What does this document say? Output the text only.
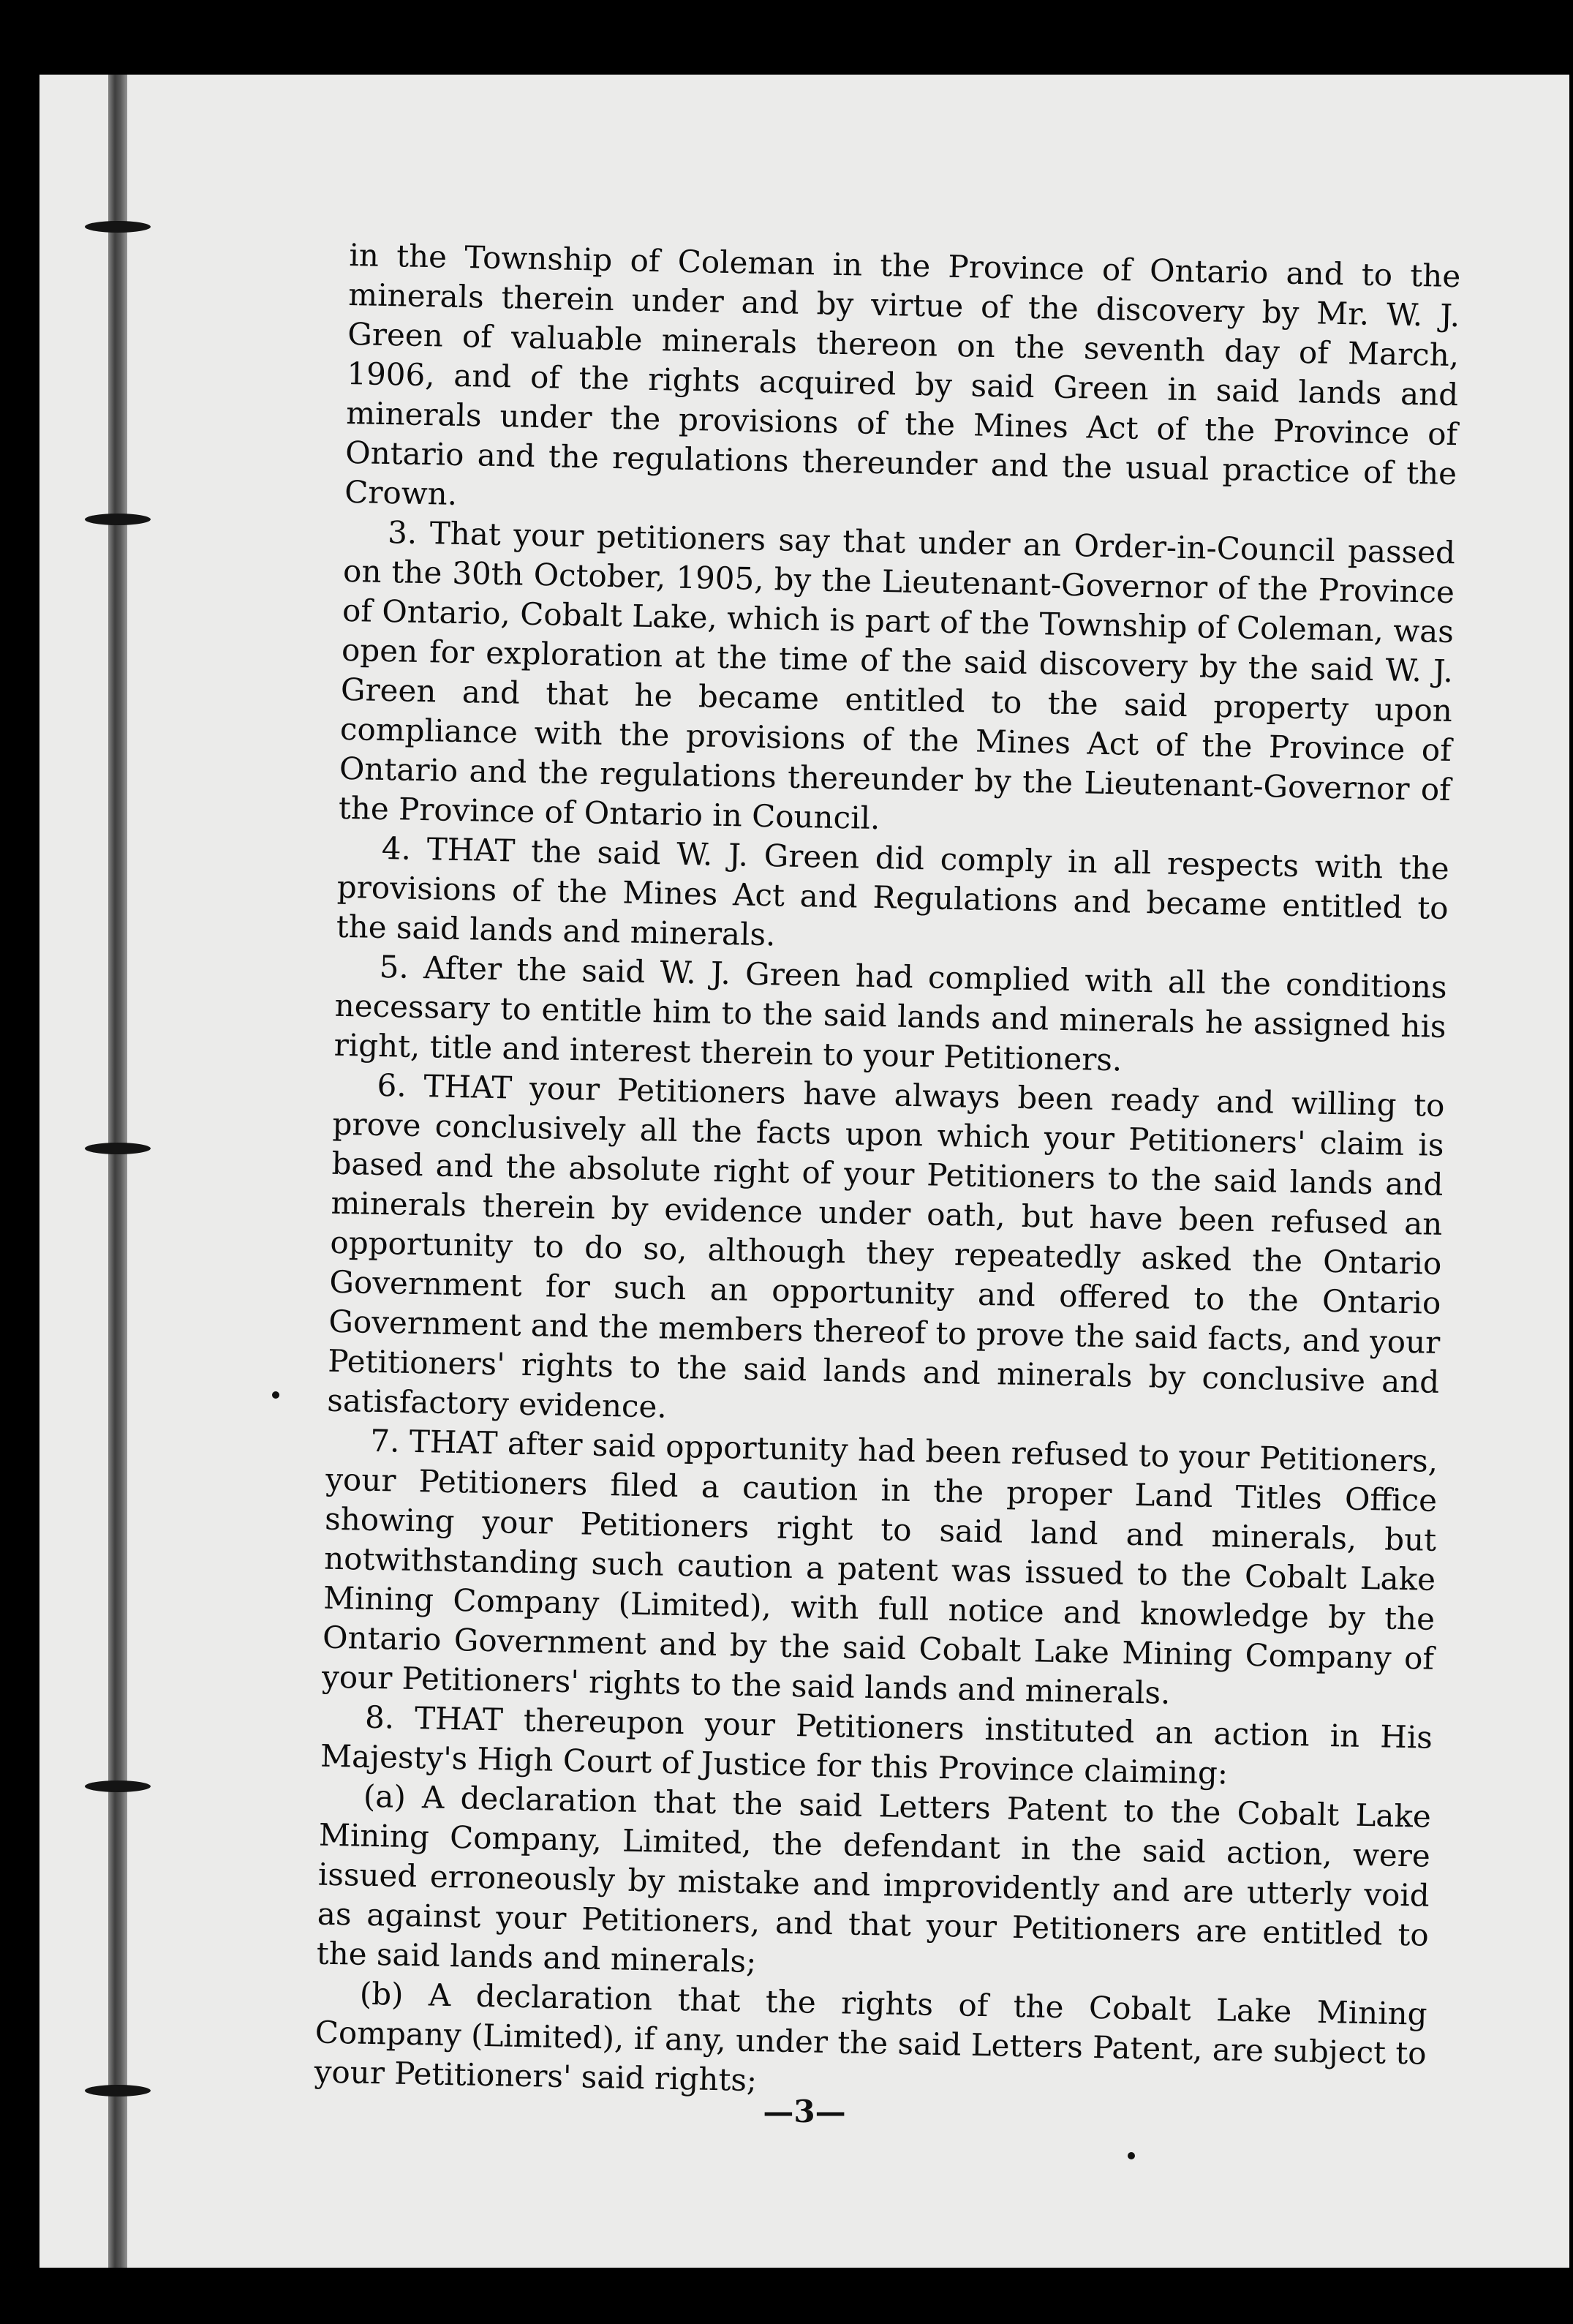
in the Township of Coleman in the Province of Ontario and to the minerals therein under and by virtue of the discovery by Mr. W. J. Green of valuable minerals thereon on the seventh day of March, 1906, and of the rights acquired by said Green in said lands and minerals under the provisions of the Mines Act of the Province of Ontario and the regulations thereunder and the usual practice of the Crown.

3. That your petitioners say that under an Order-in-Council passed on the 30th October, 1905, by the Lieutenant-Governor of the Province of Ontario, Cobalt Lake, which is part of the Township of Coleman, was open for exploration at the time of the said discovery by the said W. J. Green and that he became entitled to the said property upon compliance with the provisions of the Mines Act of the Province of Ontario and the regulations thereunder by the Lieutenant-Governor of the Province of Ontario in Council.

4. THAT the said W. J. Green did comply in all respects with the provisions of the Mines Act and Regulations and became entitled to the said lands and minerals.

5. After the said W. J. Green had complied with all the conditions necessary to entitle him to the said lands and minerals he assigned his right, title and interest therein to your Petitioners.

6. THAT your Petitioners have always been ready and willing to prove conclusively all the facts upon which your Petitioners' claim is based and the absolute right of your Petitioners to the said lands and minerals therein by evidence under oath, but have been refused an opportunity to do so, although they repeatedly asked the Ontario Government for such an opportunity and offered to the Ontario Government and the members thereof to prove the said facts, and your Petitioners' rights to the said lands and minerals by conclusive and satisfactory evidence.

7. THAT after said opportunity had been refused to your Petitioners, your Petitioners filed a caution in the proper Land Titles Office showing your Petitioners right to said land and minerals, but notwithstanding such caution a patent was issued to the Cobalt Lake Mining Company (Limited), with full notice and knowledge by the Ontario Government and by the said Cobalt Lake Mining Company of your Petitioners' rights to the said lands and minerals.

8. THAT thereupon your Petitioners instituted an action in His Majesty's High Court of Justice for this Province claiming:

(a) A declaration that the said Letters Patent to the Cobalt Lake Mining Company, Limited, the defendant in the said action, were issued erroneously by mistake and improvidently and are utterly void as against your Petitioners, and that your Petitioners are entitled to the said lands and minerals;

(b) A declaration that the rights of the Cobalt Lake Mining Company (Limited), if any, under the said Letters Patent, are subject to your Petitioners' said rights;

—3—
